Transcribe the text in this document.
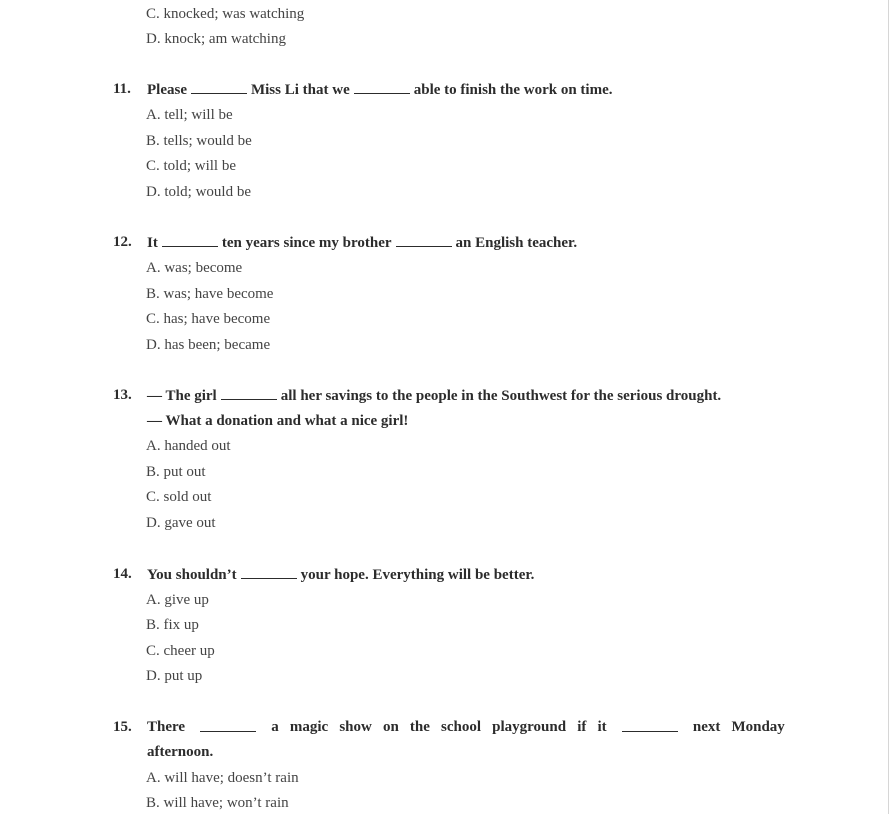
C. knocked; was watching
D. knock; am watching
11. Please	Miss Li that we	able to finish the work on time.
A. tell; will be
B. tells; would be
C. told; will be
D. told; would be
12. It	ten years since my brother	an English teacher.
A. was; become
B. was; have become
C. has; have become
D. has been; became
13. — The girl	all her savings to the people in the Southwest for the serious drought.
— What a donation and what a nice girl!
A. handed out
B. put out
C. sold out
D. gave out
14. You shouldn’t	your hope. Everything will be better.
A. give up
B. fix up
C. cheer up
D. put up
15. There	a magic show on the school playground if it	next Monday
afternoon.
A. will have; doesn’t rain
B. will have; won’t rain
